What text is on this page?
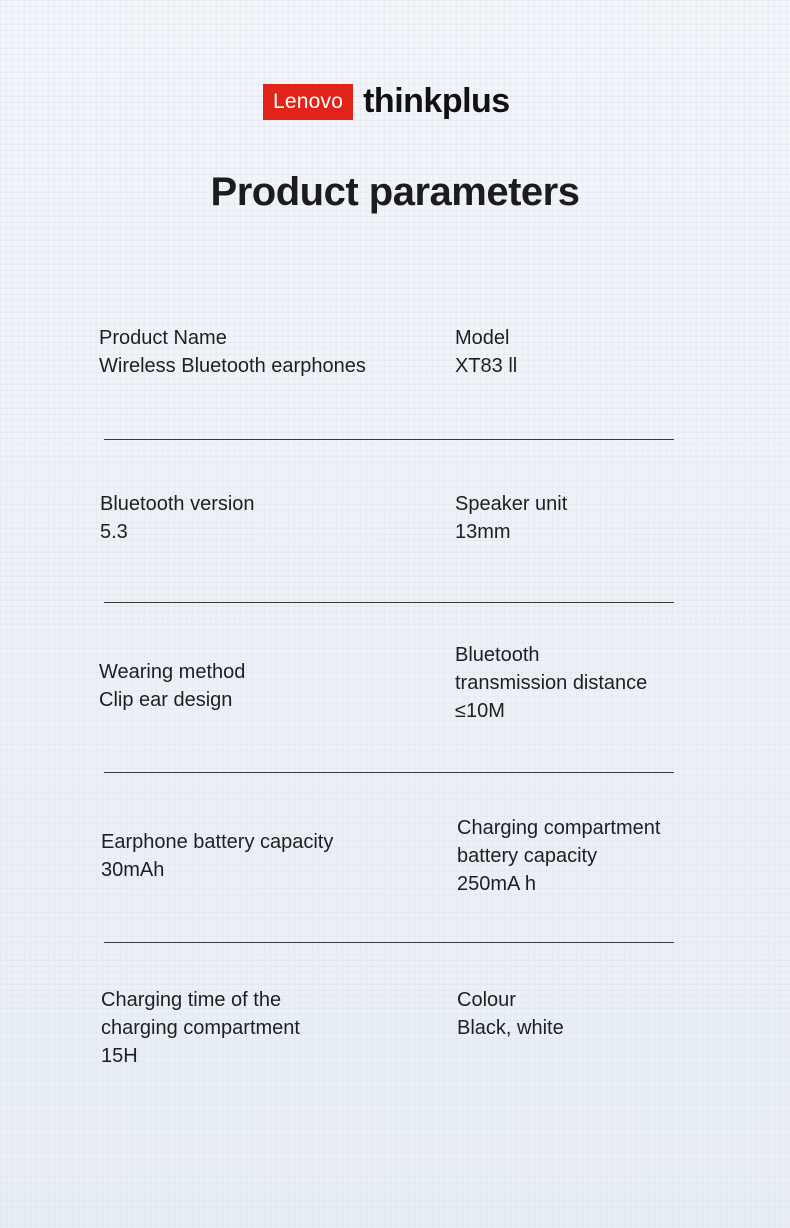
Lenovo thinkplus
Product parameters
Product Name
Wireless Bluetooth earphones
Model
XT83 ll
Bluetooth version
5.3
Speaker unit
13mm
Wearing method
Clip ear design
Bluetooth
transmission distance
≤10M
Earphone battery capacity
30mAh
Charging compartment
battery capacity
250mA h
Charging time of the
charging compartment
15H
Colour
Black, white
